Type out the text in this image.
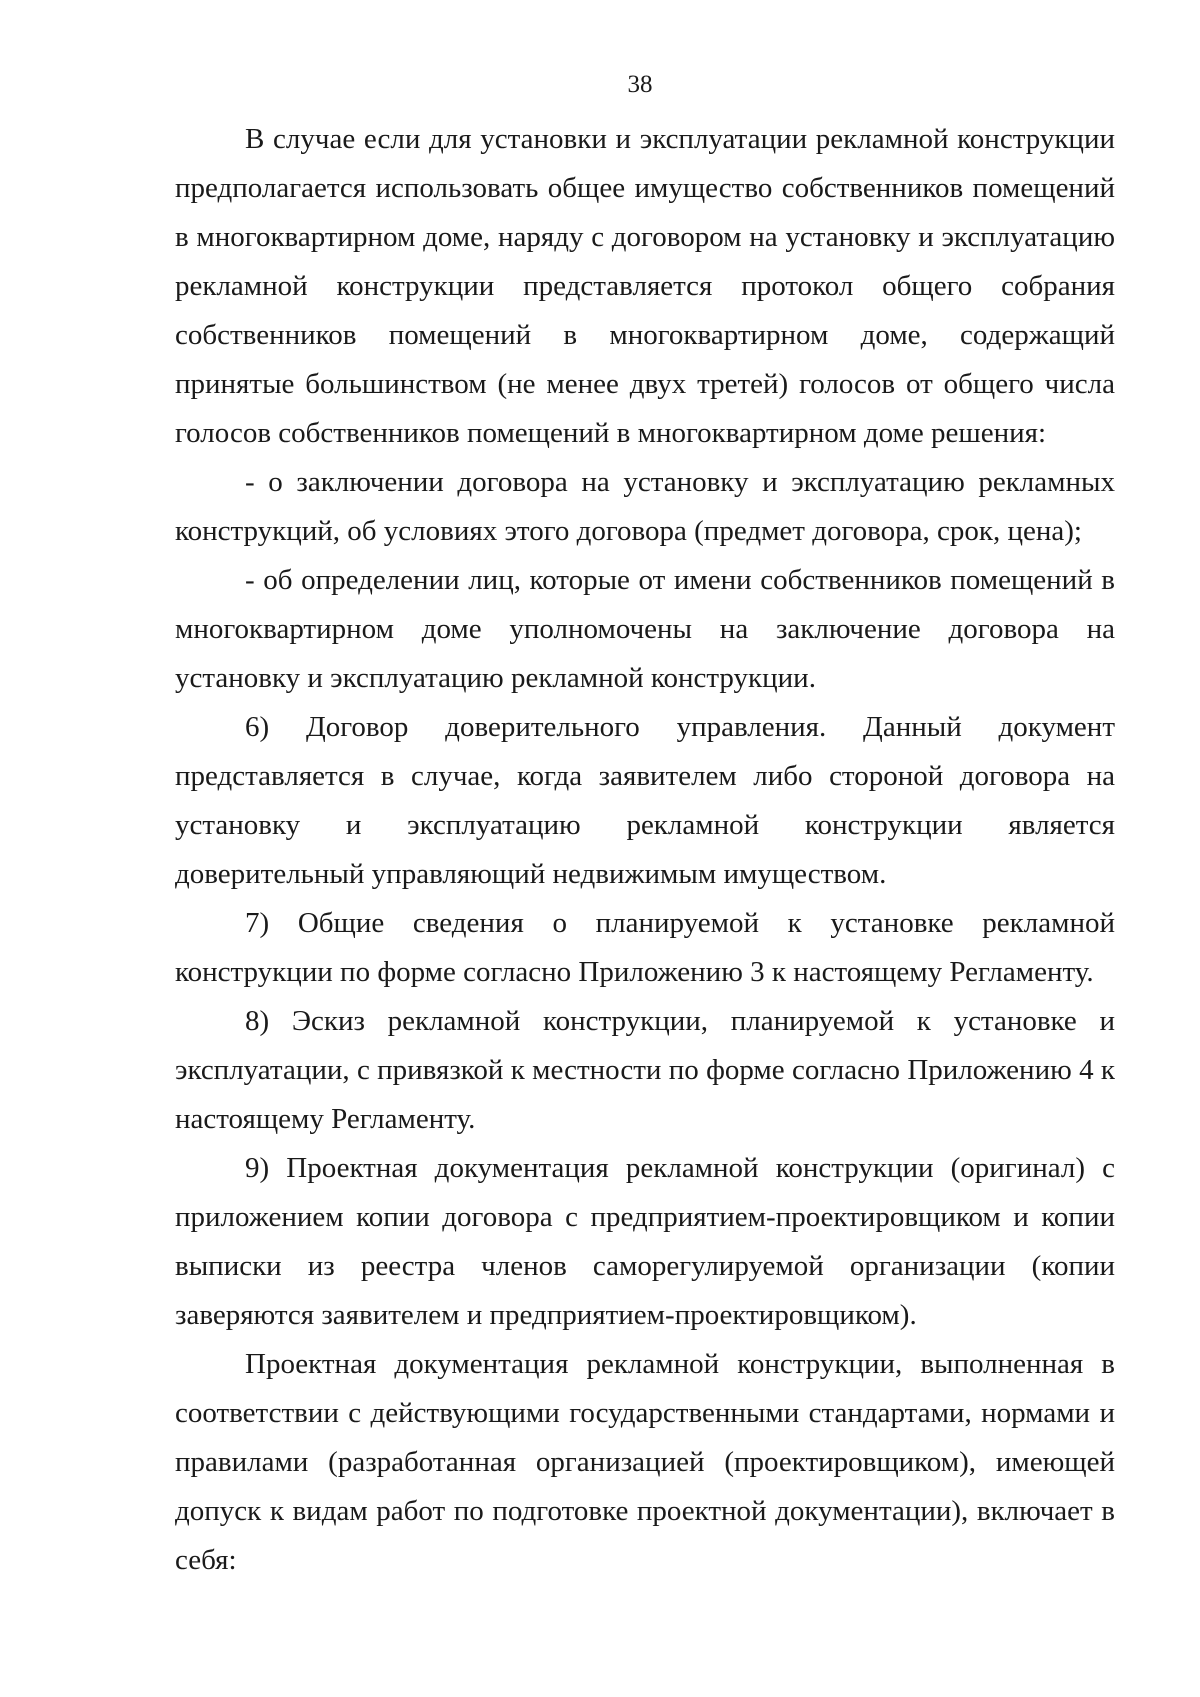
38

В случае если для установки и эксплуатации рекламной конструкции предполагается использовать общее имущество собственников помещений в многоквартирном доме, наряду с договором на установку и эксплуатацию рекламной конструкции представляется протокол общего собрания собственников помещений в многоквартирном доме, содержащий принятые большинством (не менее двух третей) голосов от общего числа голосов собственников помещений в многоквартирном доме решения:

- о заключении договора на установку и эксплуатацию рекламных конструкций, об условиях этого договора (предмет договора, срок, цена);

- об определении лиц, которые от имени собственников помещений в многоквартирном доме уполномочены на заключение договора на установку и эксплуатацию рекламной конструкции.

6) Договор доверительного управления. Данный документ представляется в случае, когда заявителем либо стороной договора на установку и эксплуатацию рекламной конструкции является доверительный управляющий недвижимым имуществом.

7) Общие сведения о планируемой к установке рекламной конструкции по форме согласно Приложению 3 к настоящему Регламенту.

8) Эскиз рекламной конструкции, планируемой к установке и эксплуатации, с привязкой к местности по форме согласно Приложению 4 к настоящему Регламенту.

9) Проектная документация рекламной конструкции (оригинал) с приложением копии договора с предприятием-проектировщиком и копии выписки из реестра членов саморегулируемой организации (копии заверяются заявителем и предприятием-проектировщиком).

Проектная документация рекламной конструкции, выполненная в соответствии с действующими государственными стандартами, нормами и правилами (разработанная организацией (проектировщиком), имеющей допуск к видам работ по подготовке проектной документации), включает в себя:
